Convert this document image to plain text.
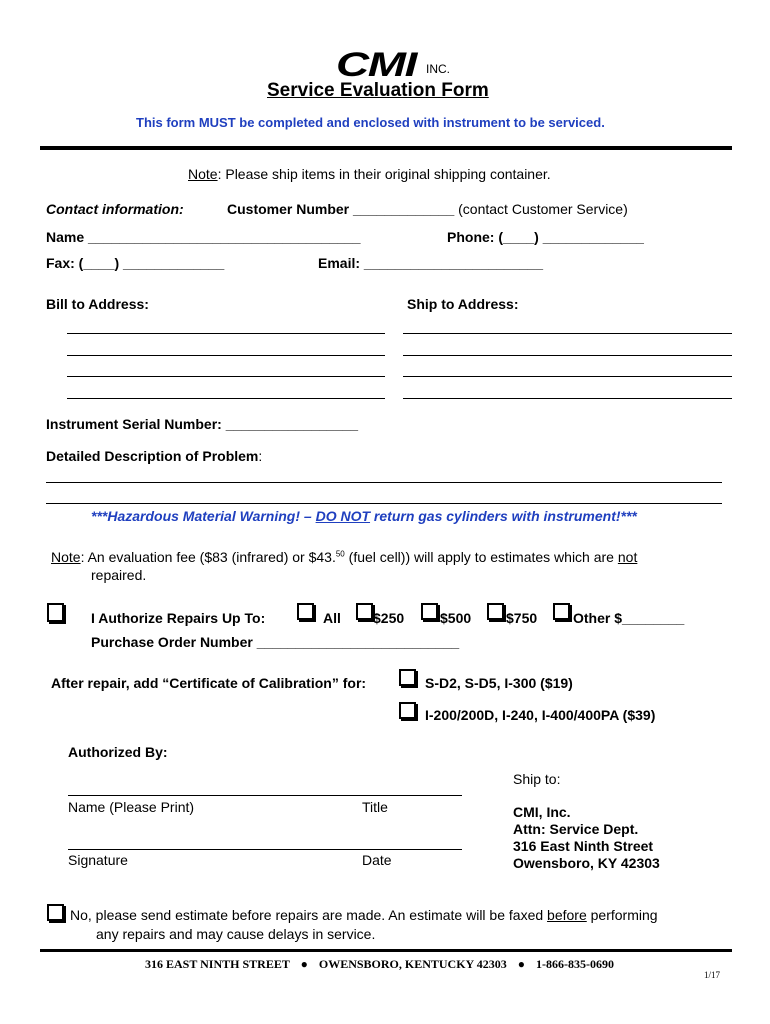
CMI INC.
Service Evaluation Form
This form MUST be completed and enclosed with instrument to be serviced.
Note: Please ship items in their original shipping container.
Contact information:	Customer Number _____________ (contact Customer Service)
Name ___________________________________	Phone: (____) _____________
Fax: (____) _____________	Email: _______________________
Bill to Address:	Ship to Address:
Instrument Serial Number: _________________
Detailed Description of Problem:
***Hazardous Material Warning! – DO NOT return gas cylinders with instrument!***
Note: An evaluation fee ($83 (infrared) or $43.50 (fuel cell)) will apply to estimates which are not
repaired.
I Authorize Repairs Up To:	All $250	$500 $750	Other $________
Purchase Order Number __________________________
After repair, add “Certificate of Calibration” for:	S-D2, S-D5, I-300 ($19)
I-200/200D, I-240, I-400/400PA ($39)
Authorized By:
Name (Please Print)	Title
Signature	Date
Ship to:
CMI, Inc.
Attn: Service Dept.
316 East Ninth Street
Owensboro, KY 42303
No, please send estimate before repairs are made. An estimate will be faxed before performing
any repairs and may cause delays in service.
316 EAST NINTH STREET ● OWENSBORO, KENTUCKY 42303 ● 1-866-835-0690
1/17
